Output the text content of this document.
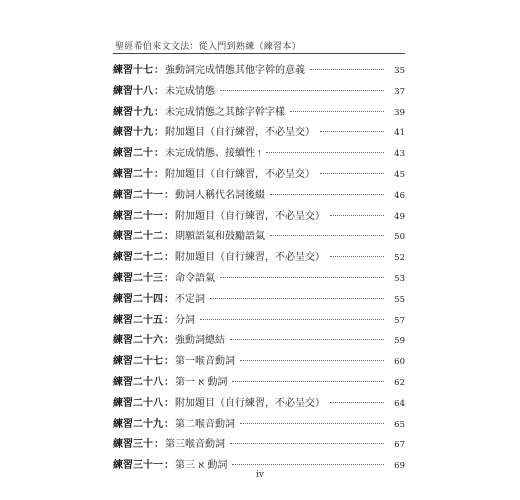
聖經希伯來文文法：從入門到熟練（練習本）
練習十七 ： 強動詞完成情態其他字幹的意義	35
練習十八 ： 未完成情態	37
練習十九 ： 未完成情態之其餘字幹字樣	39
練習十九 ： 附加題目（自行練習，不必呈交）	41
練習二十 ： 未完成情態、接續性 ו	43
練習二十 ： 附加題目（自行練習，不必呈交）	45
練習二十一 ： 動詞人稱代名詞後綴	46
練習二十一 ： 附加題目（自行練習，不必呈交）	49
練習二十二 ： 期願語氣和鼓勵語氣	50
練習二十二 ： 附加題目（自行練習，不必呈交）	52
練習二十三 ： 命令語氣	53
練習二十四 ： 不定詞	55
練習二十五 ： 分詞	57
練習二十六 ： 強動詞總結	59
練習二十七 ： 第一喉音動詞	60
練習二十八 ： 第一 א 動詞	62
練習二十八 ： 附加題目（自行練習，不必呈交）	64
練習二十九 ： 第二喉音動詞	65
練習三十 ： 第三喉音動詞	67
練習三十一 ： 第三 א 動詞	69
iv
